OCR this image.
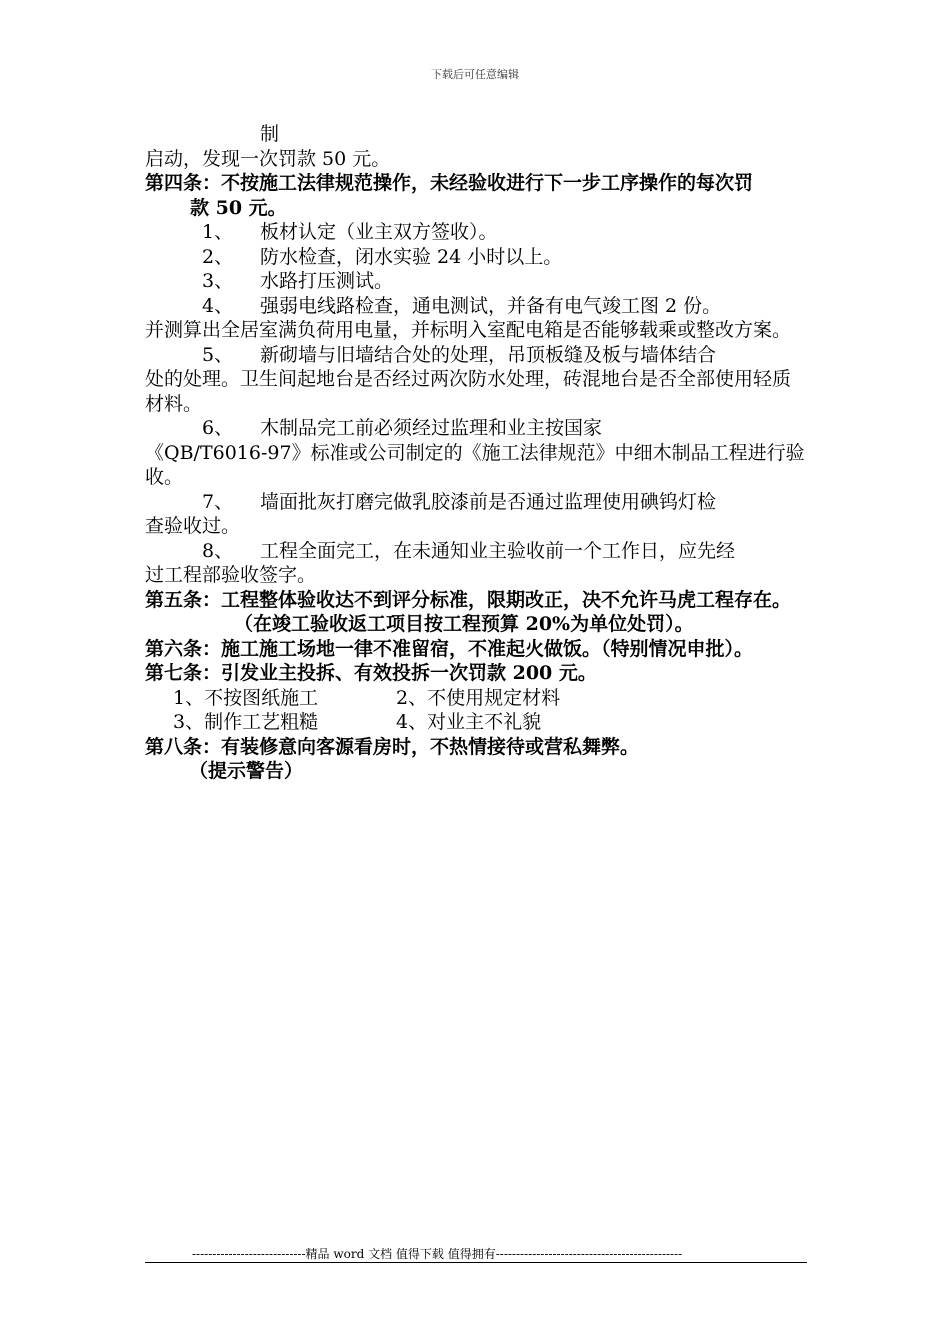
下载后可任意编辑
制
启动，发现一次罚款 50 元。
第四条：不按施工法律规范操作，未经验收进行下一步工序操作的每次罚
款 50 元。
1、 板材认定（业主双方签收）。
2、 防水检查，闭水实验 24 小时以上。
3、 水路打压测试。
4、 强弱电线路检查，通电测试，并备有电气竣工图 2 份。
并测算出全居室满负荷用电量，并标明入室配电箱是否能够载乘或整改方案。
5、 新砌墙与旧墙结合处的处理，吊顶板缝及板与墙体结合
处的处理。卫生间起地台是否经过两次防水处理，砖混地台是否全部使用轻质材料。
6、 木制品完工前必须经过监理和业主按国家
《QB/T6016-97》标准或公司制定的《施工法律规范》中细木制品工程进行验收。
7、 墙面批灰打磨完做乳胶漆前是否通过监理使用碘钨灯检
查验收过。
8、 工程全面完工，在未通知业主验收前一个工作日，应先经
过工程部验收签字。
第五条：工程整体验收达不到评分标准，限期改正，决不允许马虎工程存在。（在竣工验收返工项目按工程预算 20%为单位处罚）。
第六条：施工施工场地一律不准留宿，不准起火做饭。（特别情况申批）。
第七条：引发业主投拆、有效投拆一次罚款 200 元。
1、不按图纸施工	2、不使用规定材料
3、制作工艺粗糙	4、对业主不礼貌
第八条：有装修意向客源看房时，不热情接待或营私舞弊。
（提示警告）
----------------------------精品 word 文档 值得下载 值得拥有----------------------------------------------
